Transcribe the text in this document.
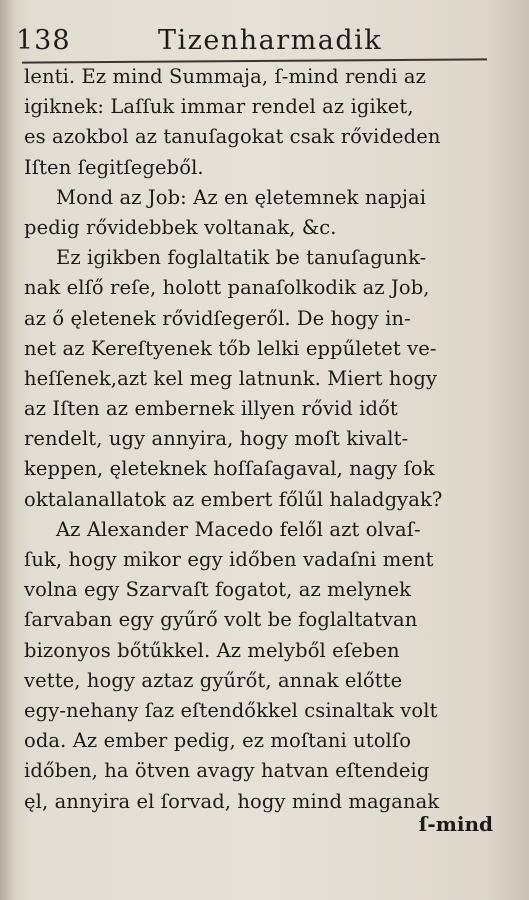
138	Tizenharmadik
lenti. Ez mind Summaja, ſ-mind rendi az
igiknek: Laſſuk immar rendel az igiket,
es azokbol az tanuſagokat csak rővideden
Iſten ſegitſegeből.
Mond az Job: Az en ęletemnek napjai
pedig rővidebbek voltanak, &c.
Ez igikben foglaltatik be tanuſagunk-
nak elſő reſe, holott panaſolkodik az Job,
az ő ęletenek rővidſegeről. De hogy in-
net az Kereſtyenek tőb lelki eppűletet ve-
heſſenek,azt kel meg latnunk. Miert hogy
az Iſten az embernek illyen rővid időt
rendelt, ugy annyira, hogy moſt kivalt-
keppen, ęleteknek hoſſaſagaval, nagy ſok
oktalanallatok az embert főlűl haladgyak?
Az Alexander Macedo felől azt olvaſ-
ſuk, hogy mikor egy időben vadaſni ment
volna egy Szarvaſt fogatot, az melynek
ſarvaban egy gyűrő volt be foglaltatvan
bizonyos bőtűkkel. Az melyből eſeben
vette, hogy aztaz gyűrőt, annak előtte
egy-nehany ſaz eſtendőkkel csinaltak volt
oda. Az ember pedig, ez moſtani utolſo
időben, ha ötven avagy hatvan eſtendeig
ęl, annyira el ſorvad, hogy mind maganak
ſ-mind
